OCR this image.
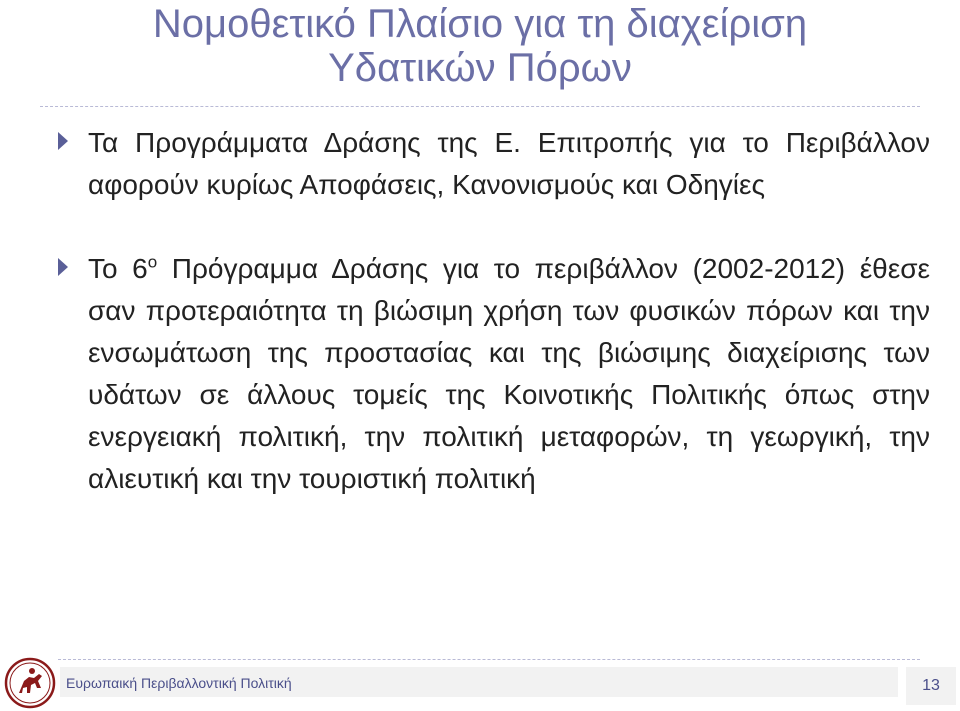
Νομοθετικό Πλαίσιο για τη διαχείριση
Υδατικών Πόρων
Τα Προγράμματα Δράσης της Ε. Επιτροπής για το Περιβάλλον αφορούν κυρίως Αποφάσεις, Κανονισμούς και Οδηγίες
Το $6^o$ Πρόγραμμα Δράσης για το περιβάλλον (2002-2012) έθεσε σαν προτεραιότητα τη βιώσιμη χρήση των φυσικών πόρων και την ενσωμάτωση της προστασίας και της βιώσιμης διαχείρισης των υδάτων σε άλλους τομείς της Κοινοτικής Πολιτικής όπως στην ενεργειακή πολιτική, την πολιτική μεταφορών, τη γεωργική, την αλιευτική και την τουριστική πολιτική
Ευρωπαική Περιβαλλοντική Πολιτική	13
